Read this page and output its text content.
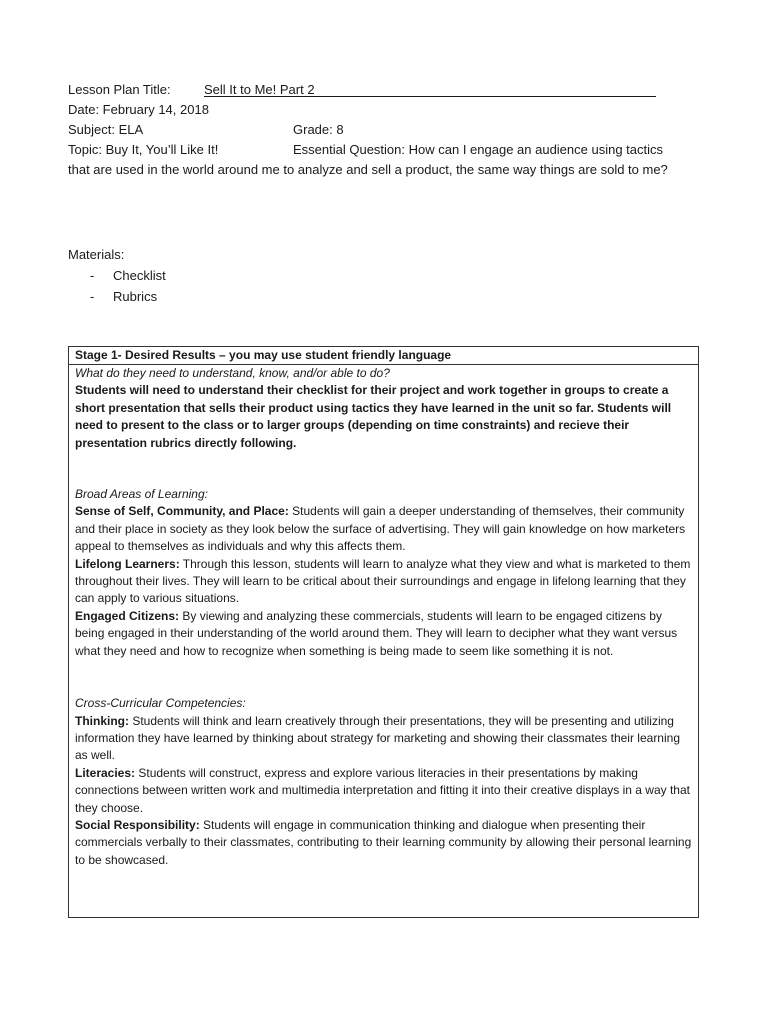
Lesson Plan Title:	Sell It to Me! Part 2
Date: February 14, 2018
Subject: ELA	Grade: 8
Topic: Buy It, You’ll Like It!	Essential Question: How can I engage an audience using tactics
that are used in the world around me to analyze and sell a product, the same way things are sold to me?
Materials:
- Checklist
- Rubrics
Stage 1- Desired Results – you may use student friendly language

What do they need to understand, know, and/or able to do?

Students will need to understand their checklist for their project and work together in groups to create a short presentation that sells their product using tactics they have learned in the unit so far. Students will need to present to the class or to larger groups (depending on time constraints) and recieve their presentation rubrics directly following.

Broad Areas of Learning:

Sense of Self, Community, and Place: Students will gain a deeper understanding of themselves, their community and their place in society as they look below the surface of advertising. They will gain knowledge on how marketers appeal to themselves as individuals and why this affects them.

Lifelong Learners: Through this lesson, students will learn to analyze what they view and what is marketed to them throughout their lives. They will learn to be critical about their surroundings and engage in lifelong learning that they can apply to various situations.

Engaged Citizens: By viewing and analyzing these commercials, students will learn to be engaged citizens by being engaged in their understanding of the world around them. They will learn to decipher what they want versus what they need and how to recognize when something is being made to seem like something it is not.

Cross-Curricular Competencies:

Thinking: Students will think and learn creatively through their presentations, they will be presenting and utilizing information they have learned by thinking about strategy for marketing and showing their classmates their learning as well.

Literacies: Students will construct, express and explore various literacies in their presentations by making connections between written work and multimedia interpretation and fitting it into their creative displays in a way that they choose.

Social Responsibility: Students will engage in communication thinking and dialogue when presenting their commercials verbally to their classmates, contributing to their learning community by allowing their personal learning to be showcased.
